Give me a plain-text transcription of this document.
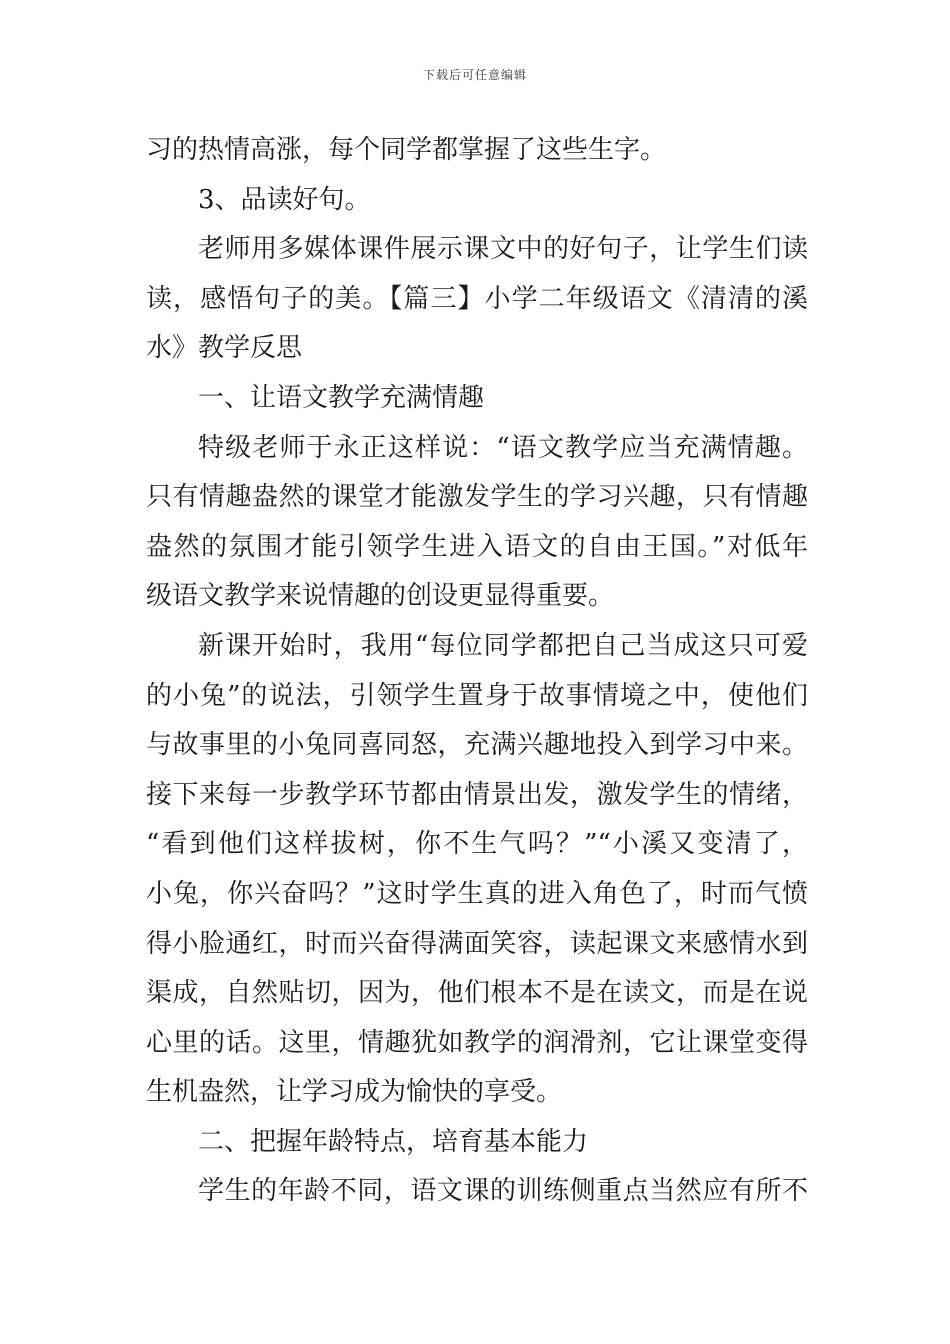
下载后可任意编辑
习的热情高涨，每个同学都掌握了这些生字。
3、品读好句。
老师用多媒体课件展示课文中的好句子，让学生们读
读，感悟句子的美。【篇三】小学二年级语文《清清的溪
水》教学反思
一、让语文教学充满情趣
特级老师于永正这样说：“语文教学应当充满情趣。
只有情趣盎然的课堂才能激发学生的学习兴趣，只有情趣
盎然的氛围才能引领学生进入语文的自由王国。”对低年
级语文教学来说情趣的创设更显得重要。
新课开始时，我用“每位同学都把自己当成这只可爱
的小兔”的说法，引领学生置身于故事情境之中，使他们
与故事里的小兔同喜同怒，充满兴趣地投入到学习中来。
接下来每一步教学环节都由情景出发，激发学生的情绪，
“看到他们这样拔树，你不生气吗？”“小溪又变清了，
小兔，你兴奋吗？”这时学生真的进入角色了，时而气愤
得小脸通红，时而兴奋得满面笑容，读起课文来感情水到
渠成，自然贴切，因为，他们根本不是在读文，而是在说
心里的话。这里，情趣犹如教学的润滑剂，它让课堂变得
生机盎然，让学习成为愉快的享受。
二、把握年龄特点，培育基本能力
学生的年龄不同，语文课的训练侧重点当然应有所不
